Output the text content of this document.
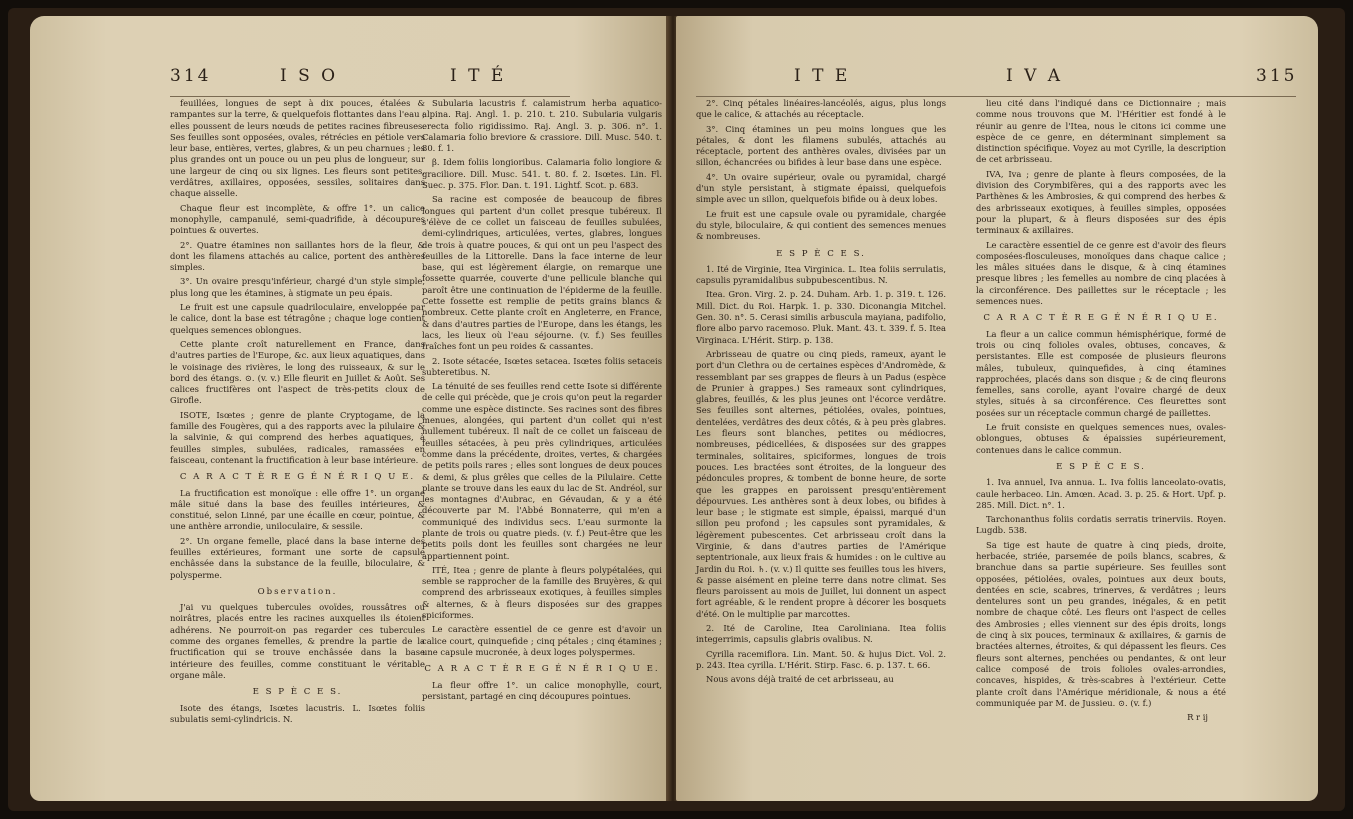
314	I S O	I T É

feuillées, longues de sept à dix pouces, étalées & rampantes sur la terre, & quelquefois flottantes dans l'eau ; elles poussent de leurs nœuds de petites racines fibreuses. Ses feuilles sont opposées, ovales, rétrécies en pétiole vers leur base, entières, vertes, glabres, & un peu charnues ; les plus grandes ont un pouce ou un peu plus de longueur, sur une largeur de cinq ou six lignes. Les fleurs sont petites, verdâtres, axillaires, opposées, sessiles, solitaires dans chaque aisselle.

Chaque fleur est incomplète, & offre 1°. un calice monophylle, campanulé, semi-quadrifide, à découpures pointues & ouvertes.

2°. Quatre étamines non saillantes hors de la fleur, & dont les filamens attachés au calice, portent des anthères simples.

3°. Un ovaire presqu'inférieur, chargé d'un style simple, plus long que les étamines, à stigmate un peu épais.

Le fruit est une capsule quadriloculaire, enveloppée par le calice, dont la base est tétragône ; chaque loge contient quelques semences oblongues.

Cette plante croît naturellement en France, dans d'autres parties de l'Europe, &c. aux lieux aquatiques, dans le voisinage des rivières, le long des ruisseaux, & sur le bord des étangs. ⊙. (v. v.) Elle fleurit en Juillet & Août. Ses calices fructifères ont l'aspect de très-petits cloux de Girofle.

ISOTE, Isœtes ; genre de plante Cryptogame, de la famille des Fougères, qui a des rapports avec la pilulaire & la salvinie, & qui comprend des herbes aquatiques, à feuilles simples, subulées, radicales, ramassées en faisceau, contenant la fructification à leur base intérieure.

C A R A C T È R E G É N É R I Q U E.

La fructification est monoïque : elle offre 1°. un organe mâle situé dans la base des feuilles intérieures, & constitué, selon Linné, par une écaille en cœur, pointue, & une anthère arrondie, uniloculaire, & sessile.

2°. Un organe femelle, placé dans la base interne des feuilles extérieures, formant une sorte de capsule enchâssée dans la substance de la feuille, biloculaire, & polysperme.

Observation.

J'ai vu quelques tubercules ovoïdes, roussâtres ou noirâtres, placés entre les racines auxquelles ils étoient adhérens. Ne pourroit-on pas regarder ces tubercules comme des organes femelles, & prendre la partie de la fructification qui se trouve enchâssée dans la base intérieure des feuilles, comme constituant le véritable organe mâle.

E S P È C E S.

Isote des étangs, Isœtes lacustris. L. Isœtes foliis subulatis semi-cylindricis. N.

Subularia lacustris f. calamistrum herba aquatico-alpina. Raj. Angl. 1. p. 210. t. 210. Subularia vulgaris erecta folio rigidissimo. Raj. Angl. 3. p. 306. n°. 1. Calamaria folio breviore & crassiore. Dill. Musc. 540. t. 80. f. 1.

β. Idem foliis longioribus. Calamaria folio longiore & graciliore. Dill. Musc. 541. t. 80. f. 2. Isœtes. Lin. Fl. Suec. p. 375. Flor. Dan. t. 191. Lightf. Scot. p. 683.

Sa racine est composée de beaucoup de fibres longues qui partent d'un collet presque tubéreux. Il s'élève de ce collet un faisceau de feuilles subulées, demi-cylindriques, articulées, vertes, glabres, longues de trois à quatre pouces, & qui ont un peu l'aspect des feuilles de la Littorelle. Dans la face interne de leur base, qui est légèrement élargie, on remarque une fossette quarrée, couverte d'une pellicule blanche qui paroît être une continuation de l'épiderme de la feuille. Cette fossette est remplie de petits grains blancs & nombreux. Cette plante croît en Angleterre, en France, & dans d'autres parties de l'Europe, dans les étangs, les lacs, les lieux où l'eau séjourne. (v. f.) Ses feuilles fraîches font un peu roides & cassantes.

2. Isote sétacée, Isœtes setacea. Isœtes foliis setaceis subteretibus. N.

La ténuité de ses feuilles rend cette Isote si différente de celle qui précède, que je crois qu'on peut la regarder comme une espèce distincte. Ses racines sont des fibres menues, alongées, qui partent d'un collet qui n'est nullement tubéreux. Il naît de ce collet un faisceau de feuilles sétacées, à peu près cylindriques, articulées comme dans la précédente, droites, vertes, & chargées de petits poils rares ; elles sont longues de deux pouces & demi, & plus grêles que celles de la Pilulaire. Cette plante se trouve dans les eaux du lac de St. Andréol, sur les montagnes d'Aubrac, en Gévaudan, & y a été découverte par M. l'Abbé Bonnaterre, qui m'en a communiqué des individus secs. L'eau surmonte la plante de trois ou quatre pieds. (v. f.) Peut-être que les petits poils dont les feuilles sont chargées ne leur appartiennent point.

ITÉ, Itea ; genre de plante à fleurs polypétalées, qui semble se rapprocher de la famille des Bruyères, & qui comprend des arbrisseaux exotiques, à feuilles simples & alternes, & à fleurs disposées sur des grappes spiciformes.

Le caractère essentiel de ce genre est d'avoir un calice court, quinquefide ; cinq pétales ; cinq étamines ; une capsule mucronée, à deux loges polyspermes.

C A R A C T È R E G É N É R I Q U E.

La fleur offre 1°. un calice monophylle, court, persistant, partagé en cinq découpures pointues.

I T E	I V A	315

2°. Cinq pétales linéaires-lancéolés, aigus, plus longs que le calice, & attachés au réceptacle.

3°. Cinq étamines un peu moins longues que les pétales, & dont les filamens subulés, attachés au réceptacle, portent des anthères ovales, divisées par un sillon, échancrées ou bifides à leur base dans une espèce.

4°. Un ovaire supérieur, ovale ou pyramidal, chargé d'un style persistant, à stigmate épaissi, quelquefois simple avec un sillon, quelquefois bifide ou à deux lobes.

Le fruit est une capsule ovale ou pyramidale, chargée du style, biloculaire, & qui contient des semences menues & nombreuses.

E S P È C E S.

1. Ité de Virginie, Itea Virginica. L. Itea foliis serrulatis, capsulis pyramidalibus subpubescentibus. N.

Itea. Gron. Virg. 2. p. 24. Duham. Arb. 1. p. 319. t. 126. Mill. Dict. du Roi. Harpk. 1. p. 330. Diconangia Mitchel. Gen. 30. n°. 5. Cerasi similis arbuscula mayiana, padifolio, flore albo parvo racemoso. Pluk. Mant. 43. t. 339. f. 5. Itea Virginaca. L'Hérit. Stirp. p. 138.

Arbrisseau de quatre ou cinq pieds, rameux, ayant le port d'un Clethra ou de certaines espèces d'Andromède, & ressemblant par ses grappes de fleurs à un Padus (espèce de Prunier à grappes.) Ses rameaux sont cylindriques, glabres, feuillés, & les plus jeunes ont l'écorce verdâtre. Ses feuilles sont alternes, pétiolées, ovales, pointues, dentelées, verdâtres des deux côtés, & à peu près glabres. Les fleurs sont blanches, petites ou médiocres, nombreuses, pédicellées, & disposées sur des grappes terminales, solitaires, spiciformes, longues de trois pouces. Les bractées sont étroites, de la longueur des pédoncules propres, & tombent de bonne heure, de sorte que les grappes en paroissent presqu'entièrement dépourvues. Les anthères sont à deux lobes, ou bifides à leur base ; le stigmate est simple, épaissi, marqué d'un sillon peu profond ; les capsules sont pyramidales, & légèrement pubescentes. Cet arbrisseau croît dans la Virginie, & dans d'autres parties de l'Amérique septentrionale, aux lieux frais & humides : on le cultive au Jardin du Roi. ♄. (v. v.) Il quitte ses feuilles tous les hivers, & passe aisément en pleine terre dans notre climat. Ses fleurs paroissent au mois de Juillet, lui donnent un aspect fort agréable, & le rendent propre à décorer les bosquets d'été. On le multiplie par marcottes.

2. Ité de Caroline, Itea Caroliniana. Itea foliis integerrimis, capsulis glabris ovalibus. N.

Cyrilla racemiflora. Lin. Mant. 50. & hujus Dict. Vol. 2. p. 243. Itea cyrilla. L'Hérit. Stirp. Fasc. 6. p. 137. t. 66.

Nous avons déjà traité de cet arbrisseau, au

lieu cité dans l'indiqué dans ce Dictionnaire ; mais comme nous trouvons que M. l'Héritier est fondé à le réunir au genre de l'Itea, nous le citons ici comme une espèce de ce genre, en déterminant simplement sa distinction spécifique. Voyez au mot Cyrille, la description de cet arbrisseau.

IVA, Iva ; genre de plante à fleurs composées, de la division des Corymbifères, qui a des rapports avec les Parthènes & les Ambrosies, & qui comprend des herbes & des arbrisseaux exotiques, à feuilles simples, opposées pour la plupart, & à fleurs disposées sur des épis terminaux & axillaires.

Le caractère essentiel de ce genre est d'avoir des fleurs composées-flosculeuses, monoïques dans chaque calice ; les mâles situées dans le disque, & à cinq étamines presque libres ; les femelles au nombre de cinq placées à la circonférence. Des paillettes sur le réceptacle ; les semences nues.

C A R A C T È R E G É N É R I Q U E.

La fleur a un calice commun hémisphérique, formé de trois ou cinq folioles ovales, obtuses, concaves, & persistantes. Elle est composée de plusieurs fleurons mâles, tubuleux, quinquefides, à cinq étamines rapprochées, placés dans son disque ; & de cinq fleurons femelles, sans corolle, ayant l'ovaire chargé de deux styles, situés à sa circonférence. Ces fleurettes sont posées sur un réceptacle commun chargé de paillettes.

Le fruit consiste en quelques semences nues, ovales-oblongues, obtuses & épaissies supérieurement, contenues dans le calice commun.

E S P È C E S.

1. Iva annuel, Iva annua. L. Iva foliis lanceolato-ovatis, caule herbaceo. Lin. Amœn. Acad. 3. p. 25. & Hort. Upf. p. 285. Mill. Dict. n°. 1.

Tarchonanthus foliis cordatis serratis trinerviis. Royen. Lugdb. 538.

Sa tige est haute de quatre à cinq pieds, droite, herbacée, striée, parsemée de poils blancs, scabres, & branchue dans sa partie supérieure. Ses feuilles sont opposées, pétiolées, ovales, pointues aux deux bouts, dentées en scie, scabres, trinerves, & verdâtres ; leurs dentelures sont un peu grandes, inégales, & en petit nombre de chaque côté. Les fleurs ont l'aspect de celles des Ambrosies ; elles viennent sur des épis droits, longs de cinq à six pouces, terminaux & axillaires, & garnis de bractées alternes, étroites, & qui dépassent les fleurs. Ces fleurs sont alternes, penchées ou pendantes, & ont leur calice composé de trois folioles ovales-arrondies, concaves, hispides, & très-scabres à l'extérieur. Cette plante croît dans l'Amérique méridionale, & nous a été communiquée par M. de Jussieu. ⊙. (v. f.)

R r ij
